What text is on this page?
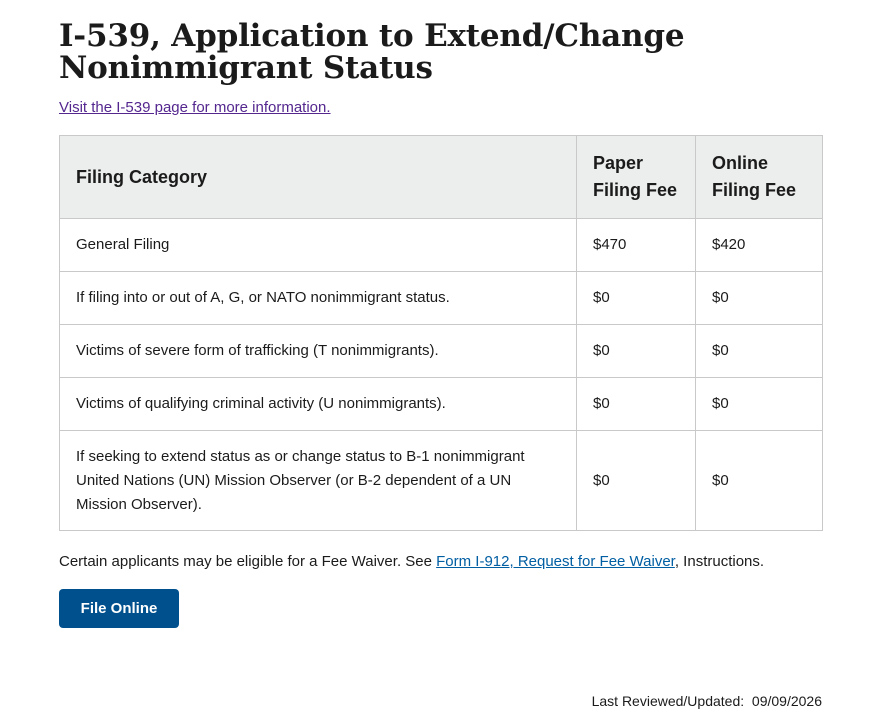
I-539, Application to Extend/Change Nonimmigrant Status
Visit the I-539 page for more information.
Filing Category	Paper Filing Fee	Online Filing Fee
General Filing	$470	$420
If filing into or out of A, G, or NATO nonimmigrant status.	$0	$0
Victims of severe form of trafficking (T nonimmigrants).	$0	$0
Victims of qualifying criminal activity (U nonimmigrants).	$0	$0
If seeking to extend status as or change status to B-1 nonimmigrant United Nations (UN) Mission Observer (or B-2 dependent of a UN Mission Observer).	$0	$0

Certain applicants may be eligible for a Fee Waiver. See Form I-912, Request for Fee Waiver, Instructions.

File Online
Last Reviewed/Updated: 09/09/2026
